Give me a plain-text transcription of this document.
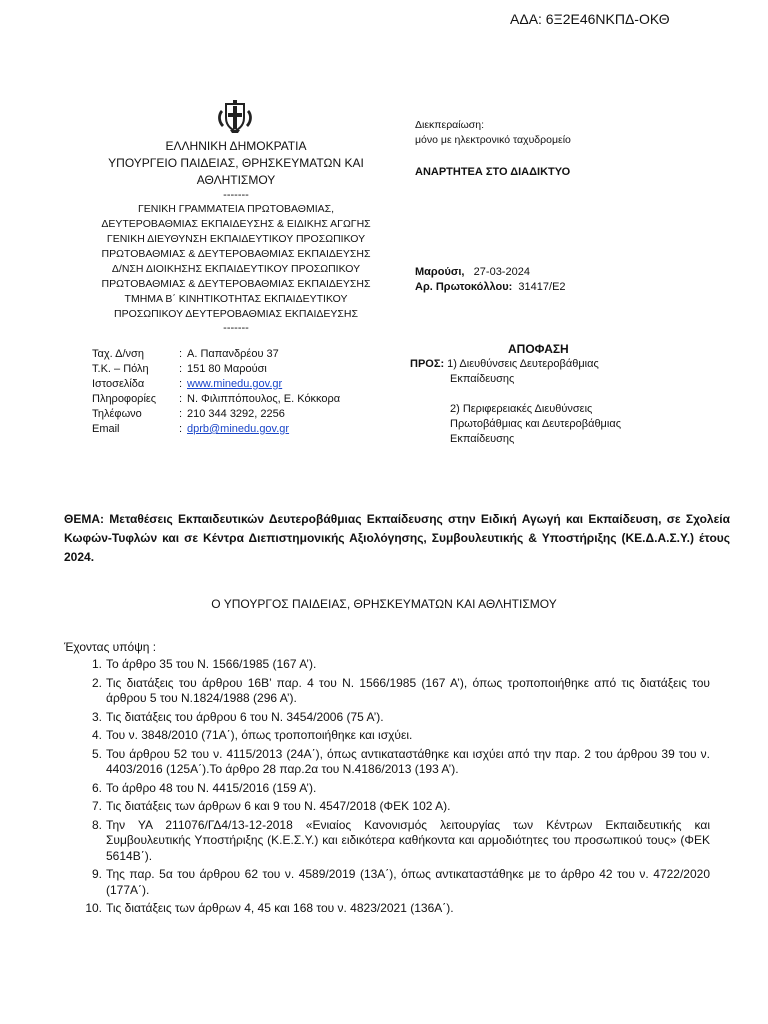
ΑΔΑ: 6Ξ2Ε46ΝΚΠΔ-ΟΚΘ
ΕΛΛΗΝΙΚΗ ΔΗΜΟΚΡΑΤΙΑ
ΥΠΟΥΡΓΕΙΟ ΠΑΙΔΕΙΑΣ, ΘΡΗΣΚΕΥΜΑΤΩΝ ΚΑΙ
ΑΘΛΗΤΙΣΜΟΥ
-------
ΓΕΝΙΚΗ ΓΡΑΜΜΑΤΕΙΑ ΠΡΩΤΟΒΑΘΜΙΑΣ,
ΔΕΥΤΕΡΟΒΑΘΜΙΑΣ ΕΚΠΑΙΔΕΥΣΗΣ & ΕΙΔΙΚΗΣ ΑΓΩΓΗΣ
ΓΕΝΙΚΗ ΔΙΕΥΘΥΝΣΗ ΕΚΠΑΙΔΕΥΤΙΚΟΥ ΠΡΟΣΩΠΙΚΟΥ
ΠΡΩΤΟΒΑΘΜΙΑΣ & ΔΕΥΤΕΡΟΒΑΘΜΙΑΣ ΕΚΠΑΙΔΕΥΣΗΣ
Δ/ΝΣΗ ΔΙΟΙΚΗΣΗΣ ΕΚΠΑΙΔΕΥΤΙΚΟΥ ΠΡΟΣΩΠΙΚΟΥ
ΠΡΩΤΟΒΑΘΜΙΑΣ & ΔΕΥΤΕΡΟΒΑΘΜΙΑΣ ΕΚΠΑΙΔΕΥΣΗΣ
ΤΜΗΜΑ Β΄ ΚΙΝΗΤΙΚΟΤΗΤΑΣ ΕΚΠΑΙΔΕΥΤΙΚΟΥ
ΠΡΟΣΩΠΙΚΟΥ ΔΕΥΤΕΡΟΒΑΘΜΙΑΣ ΕΚΠΑΙΔΕΥΣΗΣ
-------
Ταχ. Δ/νση	:	Α. Παπανδρέου 37
Τ.Κ. – Πόλη	:	151 80 Μαρούσι
Ιστοσελίδα	:	www.minedu.gov.gr
Πληροφορίες	:	Ν. Φιλιππόπουλος, Ε. Κόκκορα
Τηλέφωνο	:	210 344 3292, 2256
Email	:	dprb@minedu.gov.gr
Διεκπεραίωση:
μόνο με ηλεκτρονικό ταχυδρομείο
ΑΝΑΡΤΗΤΕΑ ΣΤΟ ΔΙΑΔΙΚΤΥΟ
Μαρούσι, 27-03-2024
Αρ. Πρωτοκόλλου: 31417/Ε2
ΑΠΟΦΑΣΗ
ΠΡΟΣ: 1) Διευθύνσεις Δευτεροβάθμιας
Εκπαίδευσης
2) Περιφερειακές Διευθύνσεις
Πρωτοβάθμιας και Δευτεροβάθμιας
Εκπαίδευσης
ΘΕΜΑ: Μεταθέσεις Εκπαιδευτικών Δευτεροβάθμιας Εκπαίδευσης στην Ειδική Αγωγή και Εκπαίδευση, σε Σχολεία Κωφών-Τυφλών και σε Κέντρα Διεπιστημονικής Αξιολόγησης, Συμβουλευτικής & Υποστήριξης (ΚΕ.Δ.Α.Σ.Υ.) έτους 2024.
Ο ΥΠΟΥΡΓΟΣ ΠΑΙΔΕΙΑΣ, ΘΡΗΣΚΕΥΜΑΤΩΝ ΚΑΙ ΑΘΛΗΤΙΣΜΟΥ
Έχοντας υπόψη :
1. Το άρθρο 35 του Ν. 1566/1985 (167 Α’).
2. Τις διατάξεις του άρθρου 16Β’ παρ. 4 του Ν. 1566/1985 (167 Α’), όπως τροποποιήθηκε από τις διατάξεις του άρθρου 5 του Ν.1824/1988 (296 Α’).
3. Τις διατάξεις του άρθρου 6 του Ν. 3454/2006 (75 Α’).
4. Του ν. 3848/2010 (71Α΄), όπως τροποποιήθηκε και ισχύει.
5. Του άρθρου 52 του ν. 4115/2013 (24Α΄), όπως αντικαταστάθηκε και ισχύει από την παρ. 2 του άρθρου 39 του ν. 4403/2016 (125Α΄).Το άρθρο 28 παρ.2α του Ν.4186/2013 (193 Α’).
6. Το άρθρο 48 του Ν. 4415/2016 (159 Α’).
7. Τις διατάξεις των άρθρων 6 και 9 του Ν. 4547/2018 (ΦΕΚ 102 Α).
8. Την ΥΑ 211076/ΓΔ4/13-12-2018 «Ενιαίος Κανονισμός λειτουργίας των Κέντρων Εκπαιδευτικής και Συμβουλευτικής Υποστήριξης (Κ.Ε.Σ.Υ.) και ειδικότερα καθήκοντα και αρμοδιότητες του προσωπικού τους» (ΦΕΚ 5614Β΄).
9. Της παρ. 5α του άρθρου 62 του ν. 4589/2019 (13Α΄), όπως αντικαταστάθηκε με το άρθρο 42 του ν. 4722/2020 (177Α΄).
10. Τις διατάξεις των άρθρων 4, 45 και 168 του ν. 4823/2021 (136Α΄).
